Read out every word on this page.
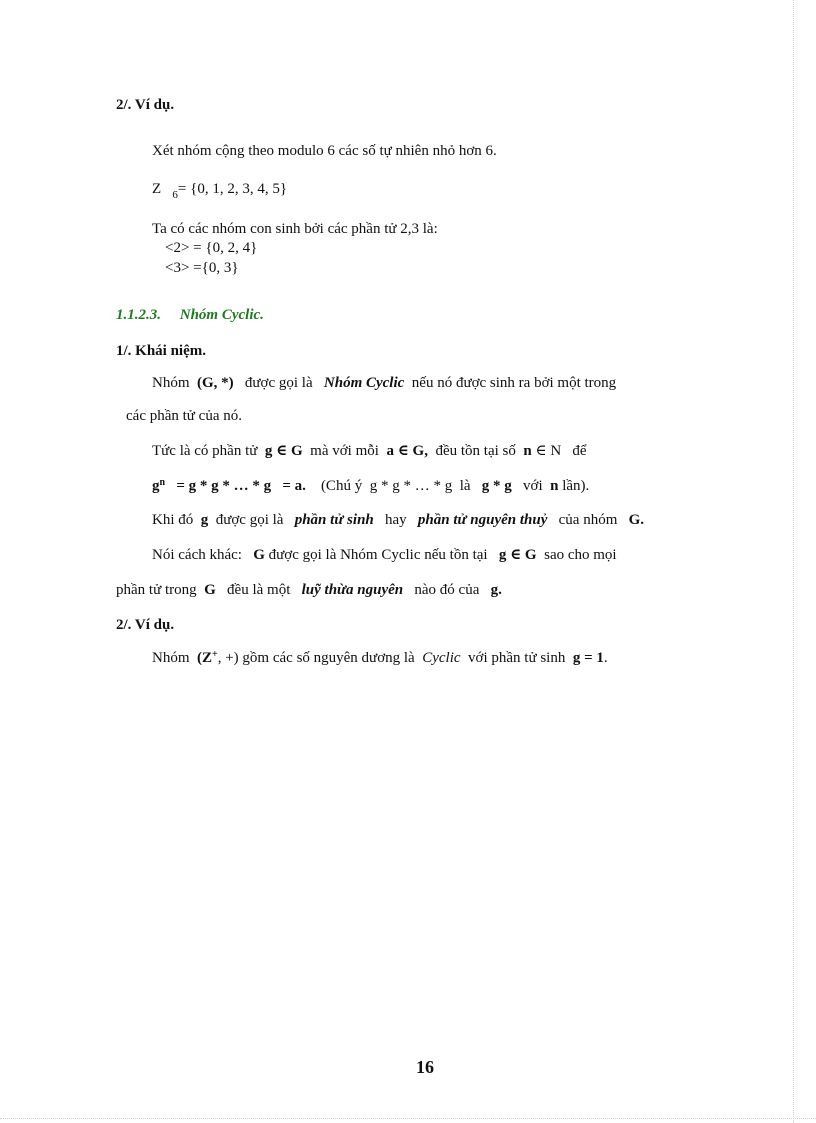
2/. Ví dụ.
Xét nhóm cộng theo modulo 6 các số tự nhiên nhỏ hơn 6.
Z $_6$= {0, 1, 2, 3, 4, 5}
Ta có các nhóm con sinh bởi các phần tử 2,3 là:
<2> = {0, 2, 4}
<3> ={0, 3}
1.1.2.3. Nhóm Cyclic.
1/. Khái niệm.
Nhóm (G, *) được gọi là Nhóm Cyclic nếu nó được sinh ra bởi một trong
các phần tử của nó.
Tức là có phần tử g ∈ G mà với mỗi a ∈ G, đều tồn tại số n ∈ N để
$g^n = g * g$ * … * g = a. (Chú ý g * g * … * g là g * g với n lần).
Khi đó g được gọi là phần tử sinh hay phần tử nguyên thuỷ của nhóm G.
Nói cách khác: G được gọi là Nhóm Cyclic nếu tồn tại g ∈ G sao cho mọi
phần tử trong G đều là một luỹ thừa nguyên nào đó của g.
2/. Ví dụ.
Nhóm (Z+, +) gồm các số nguyên dương là Cyclic với phần tử sinh g = 1.
16
